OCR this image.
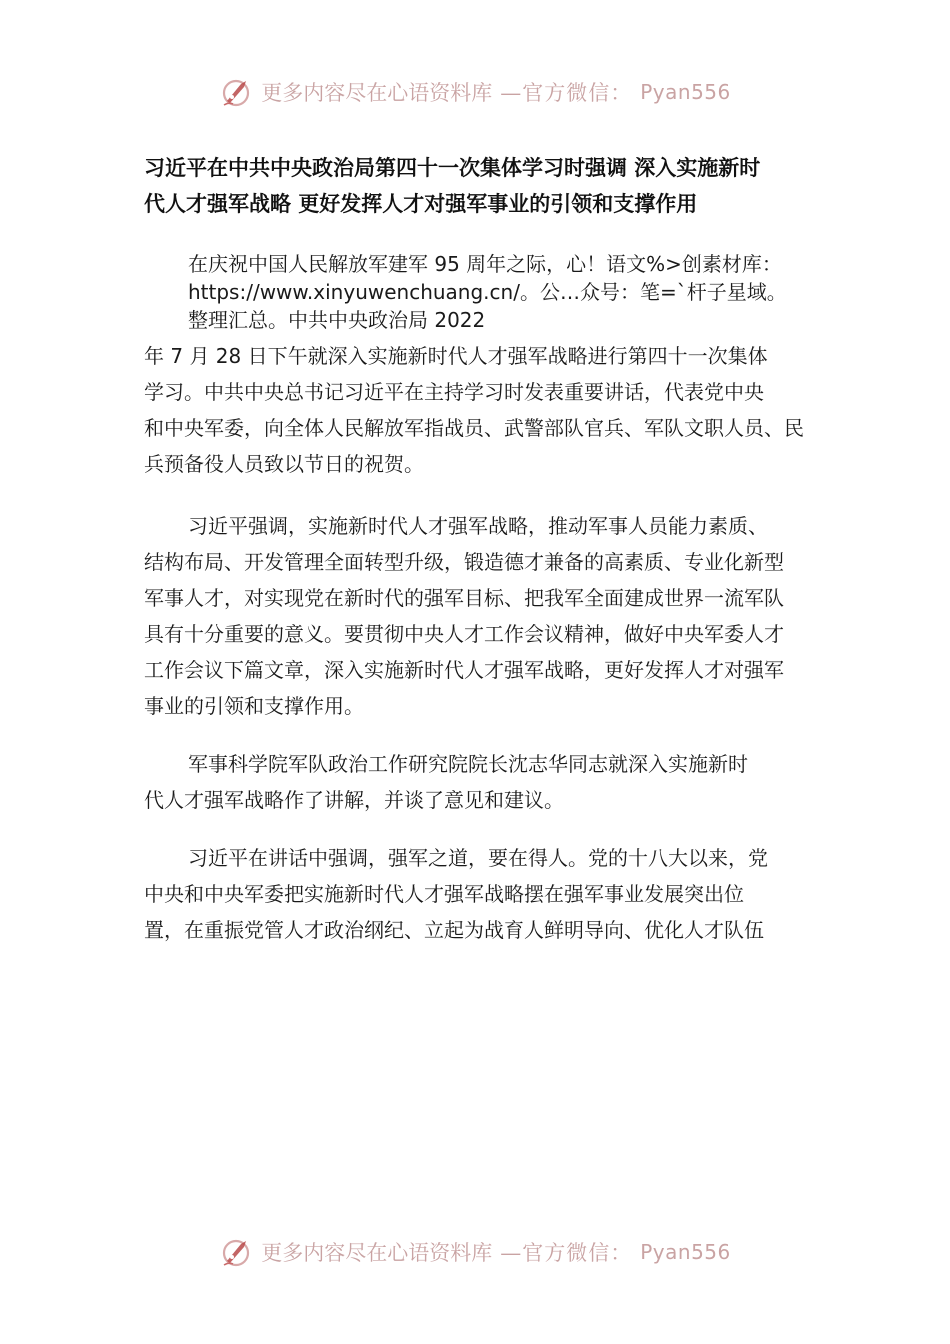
更多内容尽在心语资料库 —官方微信： Pyan556
习近平在中共中央政治局第四十一次集体学习时强调 深入实施新时
代人才强军战略 更好发挥人才对强军事业的引领和支撑作用
在庆祝中国人民解放军建军 95 周年之际，心！语文%>创素材库：
https://www.xinyuwenchuang.cn/。公…众号：笔=`杆子星域。
整理汇总。中共中央政治局 2022
年 7 月 28 日下午就深入实施新时代人才强军战略进行第四十一次集体
学习。中共中央总书记习近平在主持学习时发表重要讲话，代表党中央
和中央军委，向全体人民解放军指战员、武警部队官兵、军队文职人员、民
兵预备役人员致以节日的祝贺。
习近平强调，实施新时代人才强军战略，推动军事人员能力素质、
结构布局、开发管理全面转型升级，锻造德才兼备的高素质、专业化新型
军事人才，对实现党在新时代的强军目标、把我军全面建成世界一流军队
具有十分重要的意义。要贯彻中央人才工作会议精神，做好中央军委人才
工作会议下篇文章，深入实施新时代人才强军战略，更好发挥人才对强军
事业的引领和支撑作用。
军事科学院军队政治工作研究院院长沈志华同志就深入实施新时
代人才强军战略作了讲解，并谈了意见和建议。
习近平在讲话中强调，强军之道，要在得人。党的十八大以来，党
中央和中央军委把实施新时代人才强军战略摆在强军事业发展突出位
置，在重振党管人才政治纲纪、立起为战育人鲜明导向、优化人才队伍
更多内容尽在心语资料库 —官方微信： Pyan556
